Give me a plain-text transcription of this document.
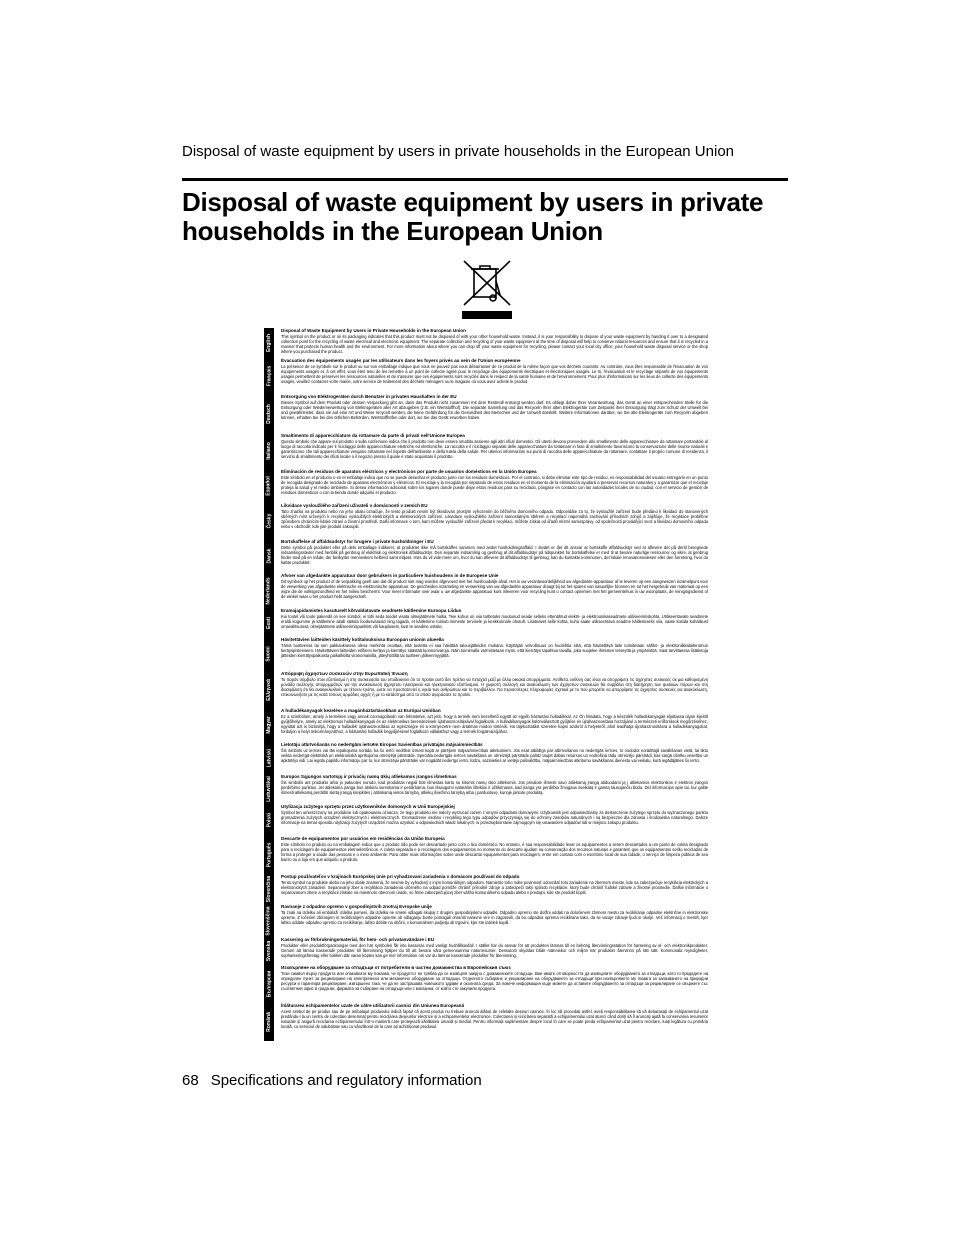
Disposal of waste equipment by users in private households in the European Union
Disposal of waste equipment by users in private households in the European Union
English
Français
Deutsch
Italiano
Español
Česky
Dansk
Nederlands
Eesti
Suomi
Ελληνικά
Magyar
Latviski
Lietuviškai
Polski
Português
Slovenčina
Slovenščina
Svenska
Български
Română
Disposal of Waste Equipment by Users in Private Households in the European Union

This symbol on the product or on its packaging indicates that this product must not be disposed of with your other household waste. Instead, it is your responsibility to dispose of your waste equipment by handing it over to a designated collection point for the recycling of waste electrical and electronic equipment. The separate collection and recycling of your waste equipment at the time of disposal will help to conserve natural resources and ensure that it is recycled in a manner that protects human health and the environment. For more information about where you can drop off your waste equipment for recycling, please contact your local city office, your household waste disposal service or the shop where you purchased the product.

Évacuation des équipements usagés par les utilisateurs dans les foyers privés au sein de l'Union européenne

La présence de ce symbole sur le produit ou sur son emballage indique que vous ne pouvez pas vous débarrasser de ce produit de la même façon que vos déchets courants. Au contraire, vous êtes responsable de l'évacuation de vos équipements usagés et, à cet effet, vous êtes tenu de les remettre à un point de collecte agréé pour le recyclage des équipements électriques et électroniques usagés. Le tri, l'évacuation et le recyclage séparés de vos équipements usagés permettent de préserver les ressources naturelles et de s'assurer que ces équipements sont recyclés dans le respect de la santé humaine et de l'environnement. Pour plus d'informations sur les lieux de collecte des équipements usagés, veuillez contacter votre mairie, votre service de traitement des déchets ménagers ou le magasin où vous avez acheté le produit.

Entsorgung von Elektrogeräten durch Benutzer in privaten Haushalten in der EU

Dieses Symbol auf dem Produkt oder dessen Verpackung gibt an, dass das Produkt nicht zusammen mit dem Restmüll entsorgt werden darf. Es obliegt daher Ihrer Verantwortung, das Gerät an einer entsprechenden Stelle für die Entsorgung oder Wiederverwertung von Elektrogeräten aller Art abzugeben (z.B. ein Wertstoffhof). Die separate Sammlung und das Recyceln Ihrer alten Elektrogeräte zum Zeitpunkt ihrer Entsorgung trägt zum Schutz der Umwelt bei und gewährleistet, dass sie auf eine Art und Weise recycelt werden, die keine Gefährdung für die Gesundheit des Menschen und der Umwelt darstellt. Weitere Informationen darüber, wo Sie alte Elektrogeräte zum Recyceln abgeben können, erhalten Sie bei den örtlichen Behörden, Wertstoffhöfen oder dort, wo Sie das Gerät erworben haben.

Smaltimento di apparecchiature da rottamare da parte di privati nell'Unione Europea

Questo simbolo che appare sul prodotto o sulla confezione indica che il prodotto non deve essere smaltito assieme agli altri rifiuti domestici. Gli utenti devono provvedere allo smaltimento delle apparecchiature da rottamare portandole al luogo di raccolta indicato per il riciclaggio delle apparecchiature elettriche ed elettroniche. La raccolta e il riciclaggio separati delle apparecchiature da rottamare in fase di smaltimento favoriscono la conservazione delle risorse naturali e garantiscono che tali apparecchiature vengano rottamate nel rispetto dell'ambiente e della tutela della salute. Per ulteriori informazioni sui punti di raccolta delle apparecchiature da rottamare, contattare il proprio comune di residenza, il servizio di smaltimento dei rifiuti locale o il negozio presso il quale è stato acquistato il prodotto.

Eliminación de residuos de aparatos eléctricos y electrónicos por parte de usuarios domésticos en la Unión Europea

Este símbolo en el producto o en el embalaje indica que no se puede desechar el producto junto con los residuos domésticos. Por el contrario, si debe eliminar este tipo de residuo, es responsabilidad del usuario entregarlo en un punto de recogida designado de reciclado de aparatos electrónicos y eléctricos. El reciclaje y la recogida por separado de estos residuos en el momento de la eliminación ayudará a preservar recursos naturales y a garantizar que el reciclaje proteja la salud y el medio ambiente. Si desea información adicional sobre los lugares donde puede dejar estos residuos para su reciclado, póngase en contacto con las autoridades locales de su ciudad, con el servicio de gestión de residuos domésticos o con la tienda donde adquirió el producto.

Likvidace vysloužilého zařízení uživateli v domácnosti v zemích EU

Tato značka na produktu nebo na jeho obalu označuje, že tento produkt nesmí být likvidován prostým vyhozením do běžného domovního odpadu. Odpovídáte za to, že vysloužilé zařízení bude předáno k likvidaci do stanovených sběrných míst určených k recyklaci vysloužilých elektrických a elektronických zařízení. Likvidace vysloužilého zařízení samostatným sběrem a recyklací napomáhá zachování přírodních zdrojů a zajišťuje, že recyklace proběhne způsobem chránícím lidské zdraví a životní prostředí. Další informace o tom, kam můžete vysloužilé zařízení předat k recyklaci, můžete získat od úřadů místní samosprávy, od společnosti provádějící svoz a likvidaci domovního odpadu nebo v obchodě, kde jste produkt zakoupili.

Bortskaffelse af affaldsudstyr for brugere i private husholdninger i EU

Dette symbol på produktet eller på dets emballage indikerer, at produktet ikke må bortskaffes sammen med andet husholdningsaffald. I stedet er det dit ansvar at bortskaffe affaldsudstyr ved at aflevere det på dertil beregnede indsamlingssteder med henblik på genbrug af elektrisk og elektronisk affaldsudstyr. Den separate indsamling og genbrug af dit affaldsudstyr på tidspunktet for bortskaffelse er med til at bevare naturlige ressourcer og sikre, at genbrug finder sted på en måde, der beskytter menneskers helbred samt miljøet. Hvis du vil vide mere om, hvor du kan aflevere dit affaldsudstyr til genbrug, kan du kontakte kommunen, det lokale renovationsvæsen eller den forretning, hvor du købte produktet.

Afvoer van afgedankte apparatuur door gebruikers in particuliere huishoudens in de Europese Unie

Dit symbool op het product of de verpakking geeft aan dat dit product niet mag worden afgevoerd met het huishoudelijk afval. Het is uw verantwoordelijkheid uw afgedankte apparatuur af te leveren op een aangewezen inzamelpunt voor de verwerking van afgedankte elektrische en elektronische apparatuur. De gescheiden inzameling en verwerking van uw afgedankte apparatuur draagt bij tot het sparen van natuurlijke bronnen en tot het hergebruik van materiaal op een wijze die de volksgezondheid en het milieu beschermt. Voor meer informatie over waar u uw afgedankte apparatuur kunt inleveren voor recycling kunt u contact opnemen met het gemeentehuis in uw woonplaats, de reinigingsdienst of de winkel waar u het product hebt aangeschaft.

Eramajapidamistes kasutuselt kõrvaldatavate seadmete käitlemine Euroopa Liidus

Kui tootel või toote pakendil on see sümbol, ei tohi seda toodet visata olmejäätmete hulka. Teie kohus on viia tarbetuks muutunud seade selleks ettenähtud elektri- ja elektroonikaseadmete utiliseerimiskohta. Utiliseeritavate seadmete eraldi kogumine ja käitlemine aitab säästa loodusvarasid ning tagada, et käitlemine toimub inimeste tervisele ja keskkonnale ohutult. Lisateavet selle kohta, kuhu saate utiliseeritava seadme käitlemiseks viia, saate küsida kohalikust omavalitsusest, olmejäätmete utiliseerimispunktist või kauplusest, kust te seadme ostsite.

Hävitettävien laitteiden käsittely kotitalouksissa Euroopan unionin alueella

Tämä tuotteessa tai sen pakkauksessa oleva merkintä osoittaa, että tuotetta ei saa hävittää talousjätteiden mukana. Käyttäjän velvollisuus on huolehtia siitä, että hävitettävä laite toimitetaan sähkö- ja elektroniikkalaiteromun keräyspisteeseen. Hävitettävien laitteiden erillinen keräys ja kierrätys säästää luonnonvaroja. Näin toimimalla varmistetaan myös, että kierrätys tapahtuu tavalla, joka suojelee ihmisten terveyttä ja ympäristöä. Saat tarvittaessa lisätietoja jätteiden kierrätyspaikoista paikallisilta viranomaisilta, jäteyhtiöiltä tai tuotteen jälleenmyyjältä.

Απόρριψη άχρηστων συσκευών στην Ευρωπαϊκή Ένωση

Το παρόν σύμβολο στον εξοπλισμό ή στη συσκευασία του υποδεικνύει ότι το προϊόν αυτό δεν πρέπει να πεταχτεί μαζί με άλλα οικιακά απορρίμματα. Αντίθετα, ευθύνη σας είναι να απορρίψετε τις άχρηστες συσκευές σε μια καθορισμένη μονάδα συλλογής απορριμμάτων για την ανακύκλωση άχρηστου ηλεκτρικού και ηλεκτρονικού εξοπλισμού. Η χωριστή συλλογή και ανακύκλωση των άχρηστων συσκευών θα συμβάλει στη διατήρηση των φυσικών πόρων και στη διασφάλιση ότι θα ανακυκλωθούν με τέτοιον τρόπο, ώστε να προστατευτεί η υγεία των ανθρώπων και το περιβάλλον. Για περισσότερες πληροφορίες σχετικά με το πού μπορείτε να απορρίψετε τις άχρηστες συσκευές για ανακύκλωση, επικοινωνήστε με τις κατά τόπους αρμόδιες αρχές ή με το κατάστημα από το οποίο αγοράσατε το προϊόν.

A hulladékanyagok kezelése a magánháztartásokban az Európai Unióban

Ez a szimbólum, amely a terméken vagy annak csomagolásán van feltüntetve, azt jelzi, hogy a termék nem kezelhető együtt az egyéb háztartási hulladékkal. Az Ön feladata, hogy a készülék hulladékanyagait eljuttassa olyan kijelölt gyűjtőhelyre, amely az elektromos hulladékanyagok és az elektronikus berendezések újrahasznosításával foglalkozik. A hulladékanyagok különválasztott gyűjtése és újrahasznosítása hozzájárul a természeti erőforrások megőrzéséhez, egyúttal azt is biztosítja, hogy a hulladék újrahasznosítása az egészségre és a környezetre nem ártalmas módon történik. Ha tájékoztatást szeretne kapni azokról a helyekről, ahol leadhatja újrahasznosításra a hulladékanyagokat, forduljon a helyi önkormányzathoz, a háztartási hulladék begyűjtésével foglalkozó vállalathoz vagy a termék forgalmazójához.

Lietotāju atbrīvošanās no nederīgām ierīcēm Eiropas Savienības privātajās mājsaimniecībās

Šis simbols uz ierīces vai tās iepakojuma norāda, ka šo ierīci nedrīkst izmest kopā ar pārējiem mājsaimniecības atkritumiem. Jūs esat atbildīgs par atbrīvošanos no nederīgās ierīces, to nododot norādītajā savākšanas vietā, lai tiktu veikta nederīgā elektriskā un elektroniskā aprīkojuma otrreizējā pārstrāde. Speciāla nederīgās ierīces savākšana un otrreizējā pārstrāde palīdz taupīt dabas resursus un nodrošina tādu otrreizējo pārstrādi, kas sargā cilvēku veselību un apkārtējo vidi. Lai iegūtu papildu informāciju par to, kur otrreizējai pārstrādei var nogādāt nederīgo ierīci, lūdzu, sazinieties ar vietējo pašvaldību, mājsaimniecības atkritumu savākšanas dienestu vai veikalu, kurā iegādājāties šo ierīci.

Europos Sąjungos vartotojų ir privačių namų ūkių atliekamos įrangos išmetimas

Šis simbolis ant produkto arba jo pakuotės nurodo, kad produktas negali būti išmestas kartu su kitomis namų ūkio atliekomis. Jūs privalote išmesti savo atliekamą įrangą atiduodami ją į atliekamos elektronikos ir elektros įrangos perdirbimo punktus. Jei atliekama įranga bus atskirai surenkama ir perdirbama, bus išsaugomi natūralūs ištekliai ir užtikrinama, kad įranga yra perdirbta žmogaus sveikatą ir gamtą tausojančiu būdu. Dėl informacijos apie tai, kur galite išmesti atliekamą perdirbti skirtą įrangą kreipkitės į atitinkamą vietos tarnybą, atliekų išvežimo tarnybą arba į parduotuvę, kurioje pirkote produktą.

Utylizacja zużytego sprzętu przez użytkowników domowych w Unii Europejskiej

Symbol ten umieszczony na produkcie lub opakowaniu oznacza, że tego produktu nie należy wyrzucać razem z innymi odpadami domowymi. Użytkownik jest odpowiedzialny za dostarczenie zużytego sprzętu do wyznaczonego punktu gromadzenia zużytych urządzeń elektrycznych i elektronicznych. Gromadzenie osobno i recykling tego typu odpadów przyczyniają się do ochrony zasobów naturalnych i są bezpieczne dla zdrowia i środowiska naturalnego. Dalsze informacje na temat sposobu utylizacji zużytych urządzeń można uzyskać u odpowiednich władz lokalnych, w przedsiębiorstwie zajmującym się usuwaniem odpadów lub w miejscu zakupu produktu.

Descarte de equipamentos por usuários em residências da União Europeia

Este símbolo no produto ou na embalagem indica que o produto não pode ser descartado junto com o lixo doméstico. No entanto, é sua responsabilidade levar os equipamentos a serem descartados a um ponto de coleta designado para a reciclagem de equipamentos eletroeletrônicos. A coleta separada e a reciclagem dos equipamentos no momento do descarte ajudam na conservação dos recursos naturais e garantem que os equipamentos serão reciclados de forma a proteger a saúde das pessoas e o meio ambiente. Para obter mais informações sobre onde descartar equipamentos para reciclagem, entre em contato com o escritório local de sua cidade, o serviço de limpeza pública de seu bairro ou a loja em que adquiriu o produto.

Postup používateľov v krajinách Európskej únie pri vyhadzovaní zariadenia v domácom používaní do odpadu

Tento symbol na produkte alebo na jeho obale znamená, že nesmie by vyhodený s iným komunálnym odpadom. Namiesto toho máte povinnosť odovzdať toto zariadenie na zbernom mieste, kde sa zabezpečuje recyklácia elektrických a elektronických zariadení. Separovaný zber a recyklácia zariadenia určeného na odpad pomôže chrániť prírodné zdroje a zabezpečí taký spôsob recyklácie, ktorý bude chrániť ľudské zdravie a životné prostredie. Ďalšie informácie o separovanom zbere a recyklácii získate na miestnom obecnom úrade, vo firme zabezpečujúcej zber vášho komunálneho odpadu alebo v predajni, kde ste produkt kúpili.

Ravnanje z odpadno opremo v gospodinjstvih znotraj Evropske unije

Ta znak na izdelku ali embalaži izdelka pomeni, da izdelka ne smete odlagati skupaj z drugimi gospodinjskimi odpadki. Odpadno opremo ste dolžni oddati na določenem zbirnem mestu za recikliranje odpadne električne in elektronske opreme. Z ločenim zbiranjem in recikliranjem odpadne opreme ob odlaganju boste pomagali ohraniti naravne vire in zagotovili, da bo odpadna oprema reciklirana tako, da se varuje zdravje ljudi in okolje. Več informacij o mestih, kjer lahko oddate odpadno opremo za recikliranje, lahko dobite na občini, v komunalnem podjetju ali trgovini, kjer ste izdelek kupili.

Kassering av förbrukningsmaterial, för hem- och privatanvändare i EU

Produkter eller produktförpackningar med den här symbolen får inte kasseras med vanligt hushållsavfall. I stället har du ansvar för att produkten lämnas till en behörig återvinningsstation för hantering av el- och elektronikprodukter. Genom att lämna kasserade produkter till återvinning hjälper du till att bevara våra gemensamma naturresurser. Dessutom skyddas både människor och miljön när produkter återvinns på rätt sätt. Kommunala myndigheter, sophanteringsföretag eller butiken där varan köptes kan ge mer information om var du lämnar kasserade produkter för återvinning.

Изхвърляне на оборудване за отпадъци от потребители в частни домакинства в Европейския съюз

Този символ върху продукта или опаковката му показва, че продуктът не трябва да се изхвърля заедно с домакинските отпадъци. Вие имате отговорността да изхвърлите оборудването за отпадъци, като го предадете на определен пункт за рециклиране на електрическо или механично оборудване за отпадъци. Отделното събиране и рециклиране на оборудването за отпадъци при изхвърлянето му помага за запазването на природни ресурси и гарантира рециклиране, извършено така, че да не застрашава човешкото здраве и околната среда. За повече информация къде можете да оставите оборудването за отпадъци за рециклиране се свържете със съответния офис в града ви, фирмата за събиране на отпадъци или с магазина, от който сте закупили продукта.

Înlăturarea echipamentelor uzate de către utilizatorii casnici din Uniunea Europeană

Acest simbol de pe produs sau de pe ambalajul produsului indică faptul că acest produs nu trebuie aruncat alături de celelalte deșeuri casnice. În loc să procedați astfel, aveți responsabilitatea să vă debarasați de echipamentul uzat predându-l la un centru de colectare desemnat pentru reciclarea deșeurilor electrice și a echipamentelor electronice. Colectarea și reciclarea separată a echipamentului uzat atunci când doriți să îl aruncați ajută la conservarea resurselor naturale și asigură reciclarea echipamentului într-o manieră care protejează sănătatea umană și mediul. Pentru informații suplimentare despre locul în care se poate preda echipamentul uzat pentru reciclare, luați legătura cu primăria locală, cu serviciul de salubritate sau cu vânzătorul de la care ați achiziționat produsul.

68 Specifications and regulatory information
